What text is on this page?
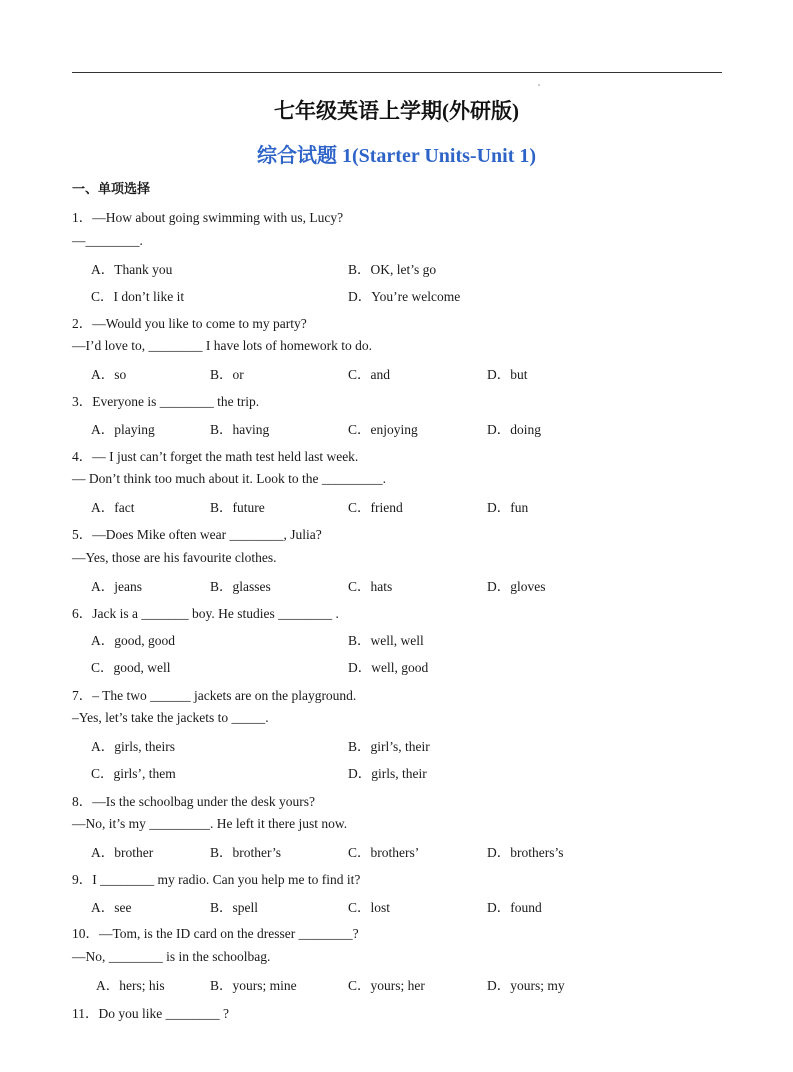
七年级英语上学期(外研版)
综合试题 1(Starter Units-Unit 1)
一、单项选择
1．—How about going swimming with us, Lucy?
—________.
A．Thank you	B．OK, let’s go
C．I don’t like it	D．You’re welcome
2．—Would you like to come to my party?
—I’d love to, ________ I have lots of homework to do.
A．so	B．or	C．and	D．but
3．Everyone is ________ the trip.
A．playing	B．having	C．enjoying	D．doing
4．— I just can’t forget the math test held last week.
— Don’t think too much about it. Look to the _________.
A．fact	B．future	C．friend	D．fun
5．—Does Mike often wear ________, Julia?
—Yes, those are his favourite clothes.
A．jeans	B．glasses	C．hats	D．gloves
6．Jack is a _______ boy. He studies ________ .
A．good, good	B．well, well
C．good, well	D．well, good
7．– The two ______ jackets are on the playground.
–Yes, let’s take the jackets to _____.
A．girls, theirs	B．girl’s, their
C．girls’, them	D．girls, their
8．—Is the schoolbag under the desk yours?
—No, it’s my _________. He left it there just now.
A．brother	B．brother’s	C．brothers’	D．brothers’s
9．I ________ my radio. Can you help me to find it?
A．see	B．spell	C．lost	D．found
10．—Tom, is the ID card on the dresser ________?
—No, ________ is in the schoolbag.
A．hers; his	B．yours; mine	C．yours; her	D．yours; my
11．Do you like ________ ?
